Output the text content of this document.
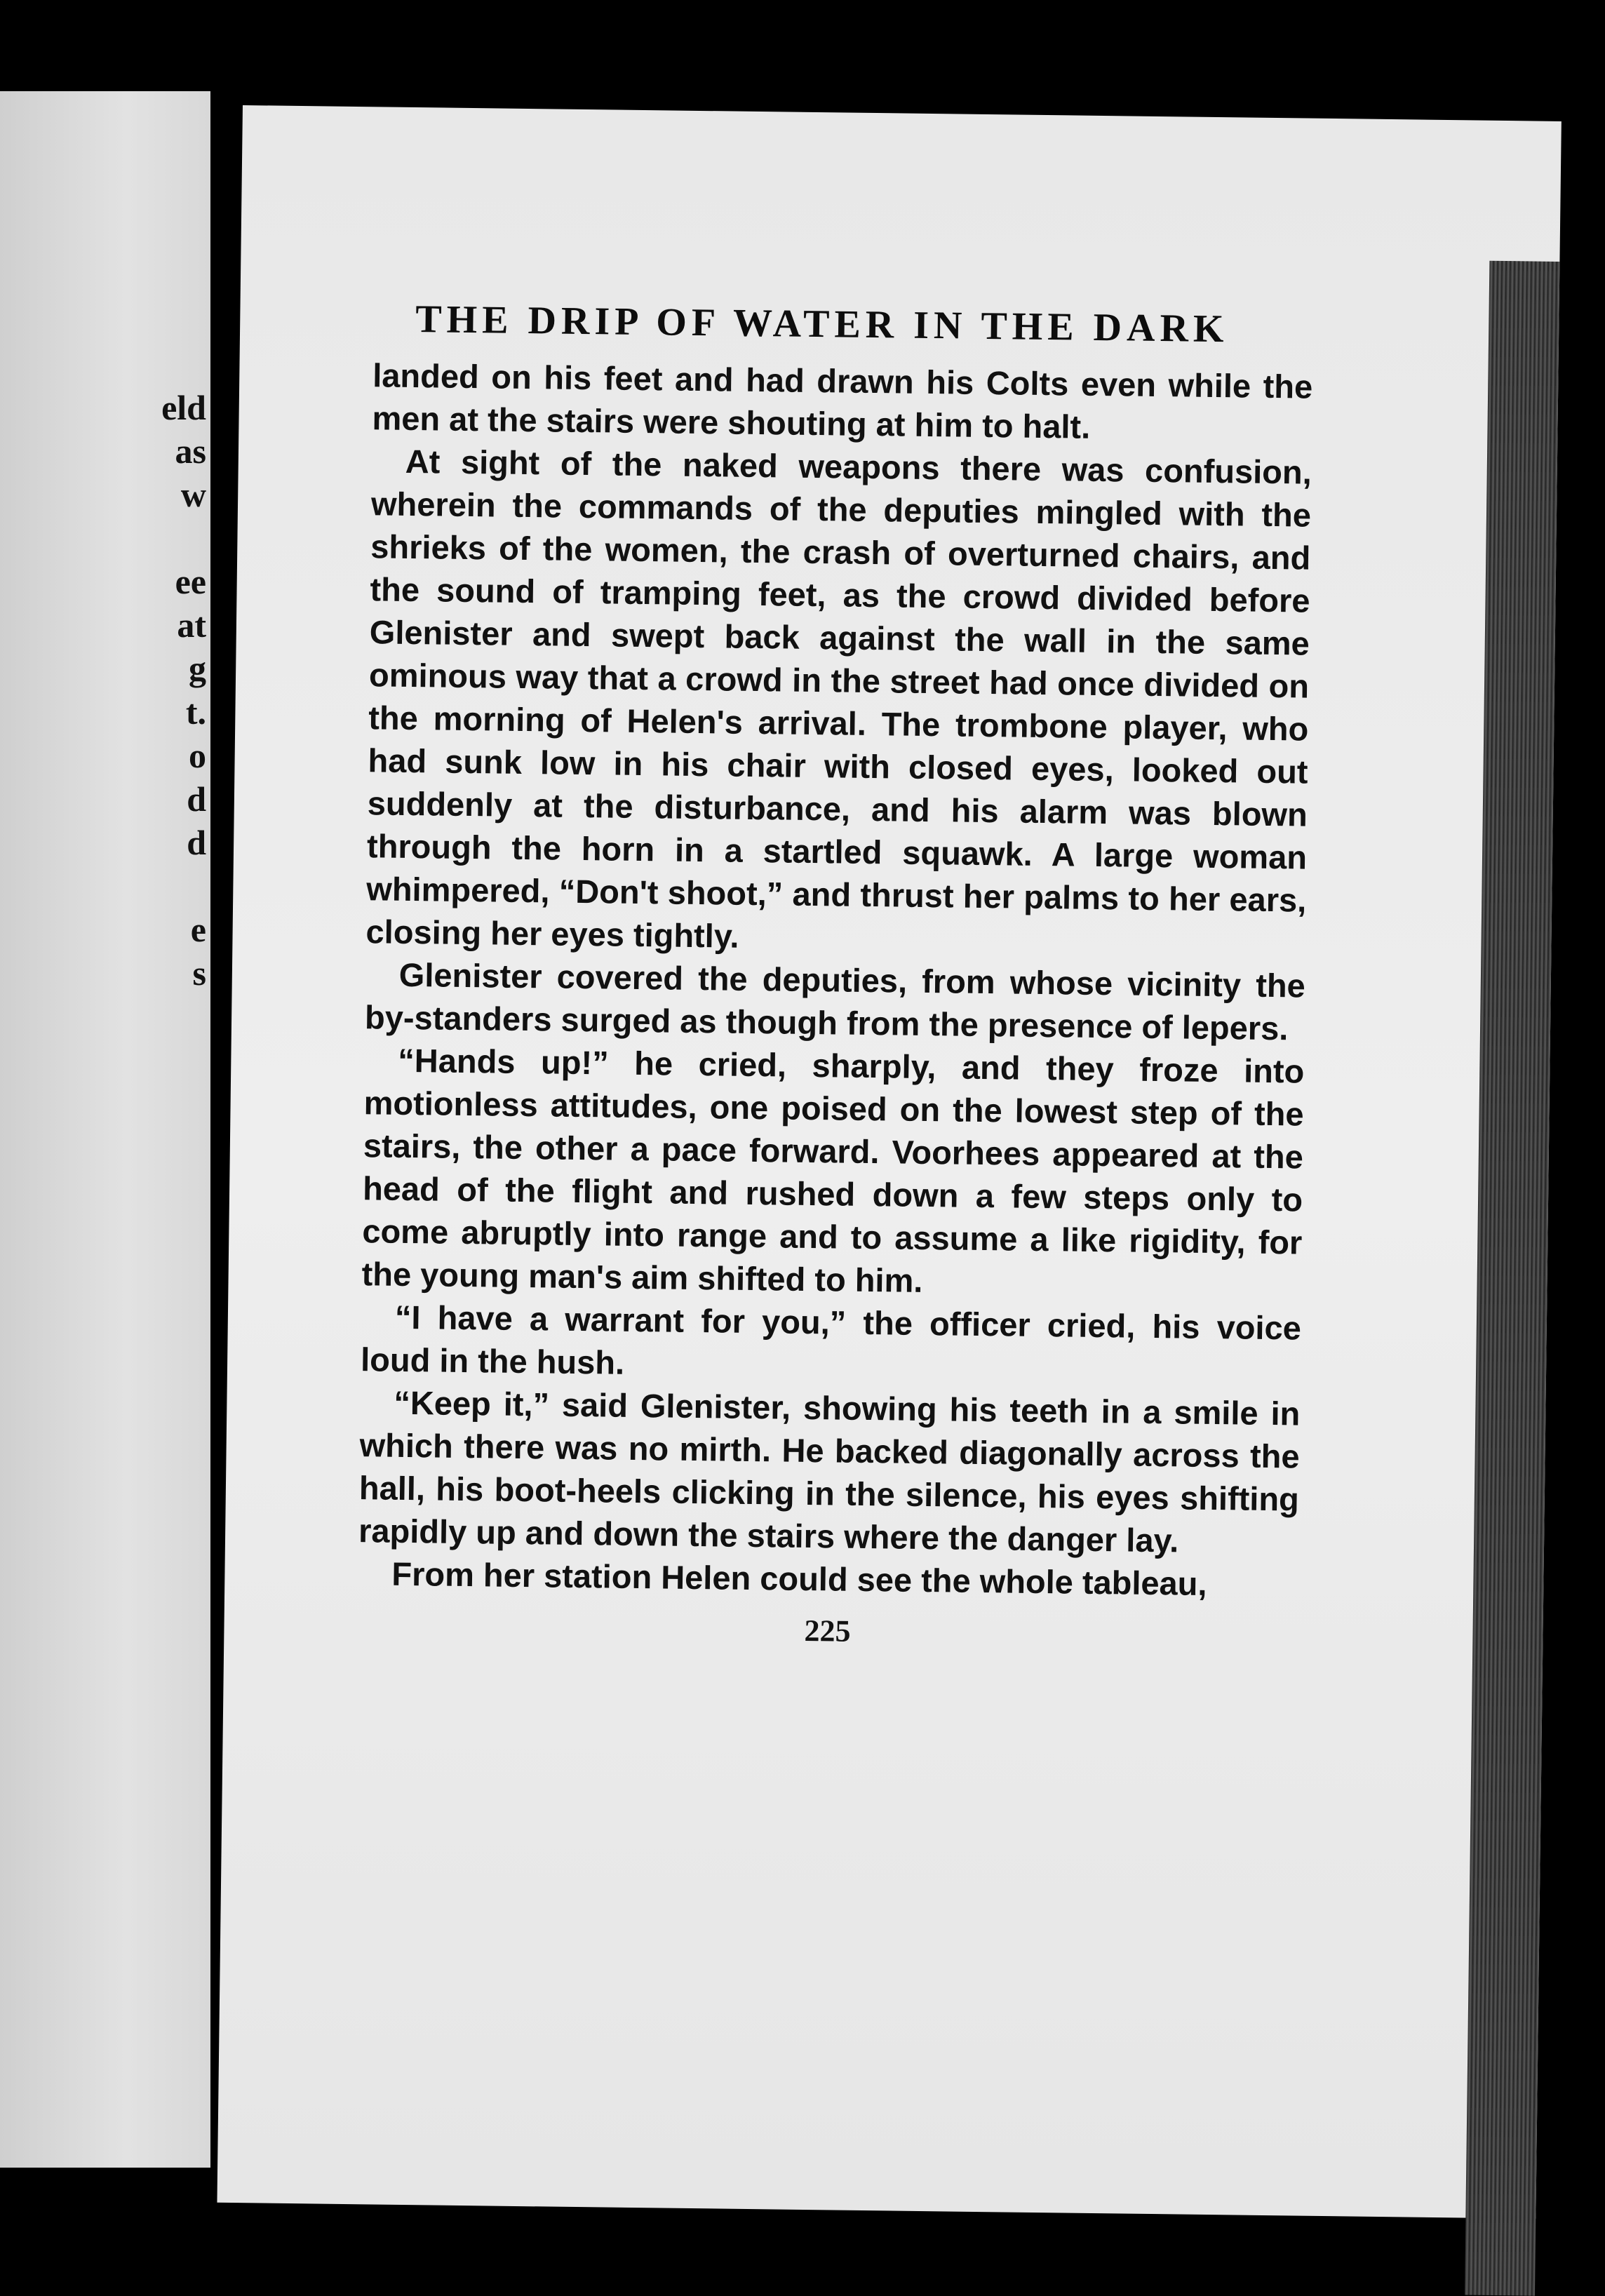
eld
as
w
ee
at
g
t.
o
d
d
e
s
THE DRIP OF WATER IN THE DARK

landed on his feet and had drawn his Colts even while the men at the stairs were shouting at him to halt.

At sight of the naked weapons there was confusion, wherein the commands of the deputies mingled with the shrieks of the women, the crash of overturned chairs, and the sound of tramping feet, as the crowd divided before Glenister and swept back against the wall in the same ominous way that a crowd in the street had once divided on the morning of Helen's arrival. The trombone player, who had sunk low in his chair with closed eyes, looked out suddenly at the disturbance, and his alarm was blown through the horn in a startled squawk. A large woman whimpered, “Don't shoot,” and thrust her palms to her ears, closing her eyes tightly.

Glenister covered the deputies, from whose vicinity the by-standers surged as though from the presence of lepers.

“Hands up!” he cried, sharply, and they froze into motionless attitudes, one poised on the lowest step of the stairs, the other a pace forward. Voorhees appeared at the head of the flight and rushed down a few steps only to come abruptly into range and to assume a like rigidity, for the young man's aim shifted to him.

“I have a warrant for you,” the officer cried, his voice loud in the hush.

“Keep it,” said Glenister, showing his teeth in a smile in which there was no mirth. He backed diagonally across the hall, his boot-heels clicking in the silence, his eyes shifting rapidly up and down the stairs where the danger lay.

From her station Helen could see the whole tableau,

225
